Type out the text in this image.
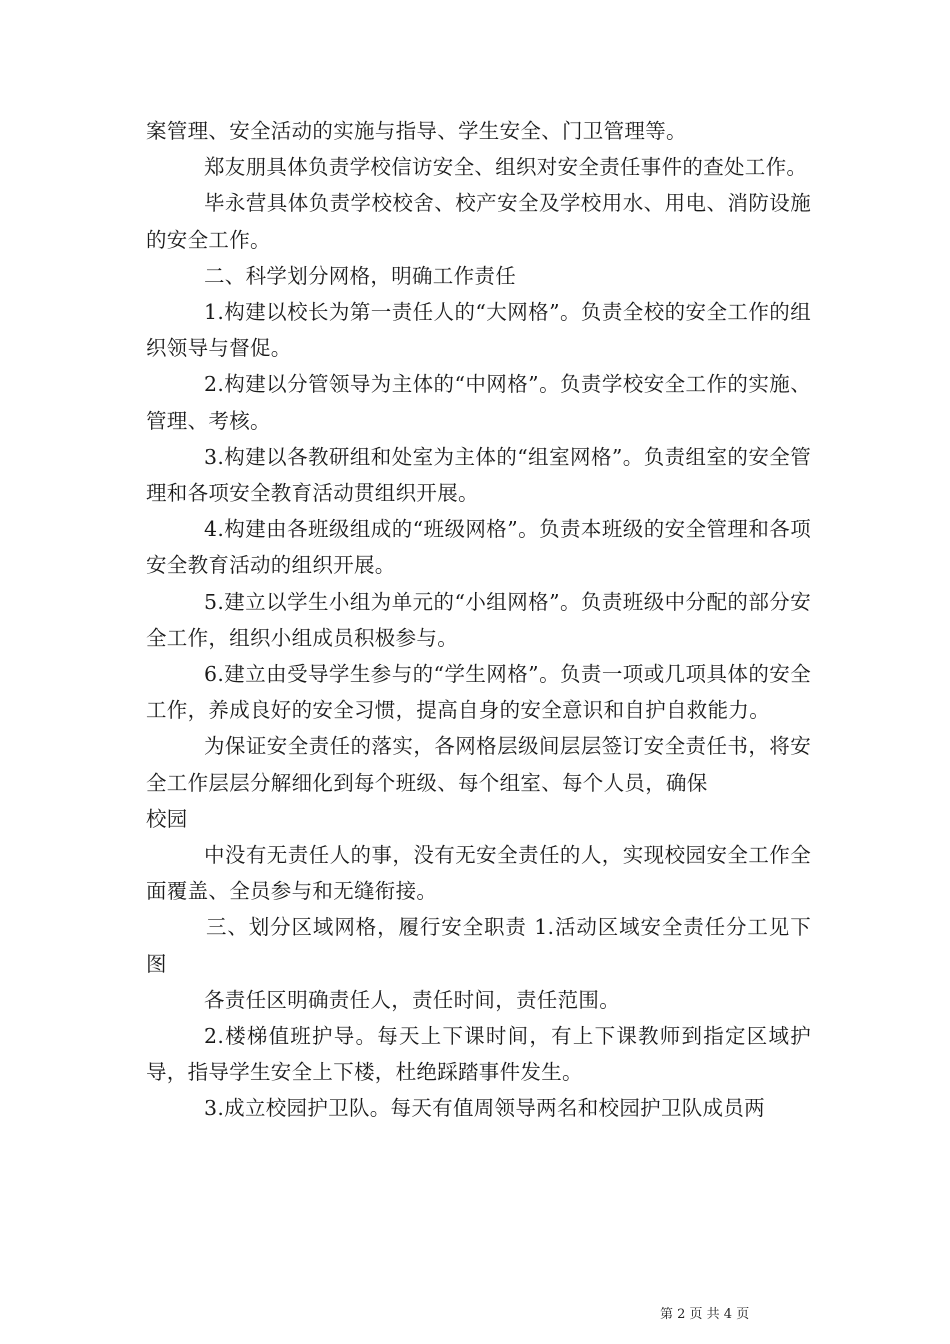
案管理、安全活动的实施与指导、学生安全、门卫管理等。

郑友朋具体负责学校信访安全、组织对安全责任事件的查处工作。

毕永营具体负责学校校舍、校产安全及学校用水、用电、消防设施的安全工作。

二、科学划分网格，明确工作责任

1.构建以校长为第一责任人的“大网格”。负责全校的安全工作的组织领导与督促。

2.构建以分管领导为主体的“中网格”。负责学校安全工作的实施、管理、考核。

3.构建以各教研组和处室为主体的“组室网格”。负责组室的安全管理和各项安全教育活动贯组织开展。

4.构建由各班级组成的“班级网格”。负责本班级的安全管理和各项安全教育活动的组织开展。

5.建立以学生小组为单元的“小组网格”。负责班级中分配的部分安全工作，组织小组成员积极参与。

6.建立由受导学生参与的“学生网格”。负责一项或几项具体的安全工作，养成良好的安全习惯，提高自身的安全意识和自护自救能力。

为保证安全责任的落实，各网格层级间层层签订安全责任书，将安全工作层层分解细化到每个班级、每个组室、每个人员，确保

校园

中没有无责任人的事，没有无安全责任的人，实现校园安全工作全面覆盖、全员参与和无缝衔接。

三、划分区域网格，履行安全职责 1.活动区域安全责任分工见下图

各责任区明确责任人，责任时间，责任范围。

2.楼梯值班护导。每天上下课时间，有上下课教师到指定区域护导，指导学生安全上下楼，杜绝踩踏事件发生。

3.成立校园护卫队。每天有值周领导两名和校园护卫队成员两

第 2 页 共 4 页
